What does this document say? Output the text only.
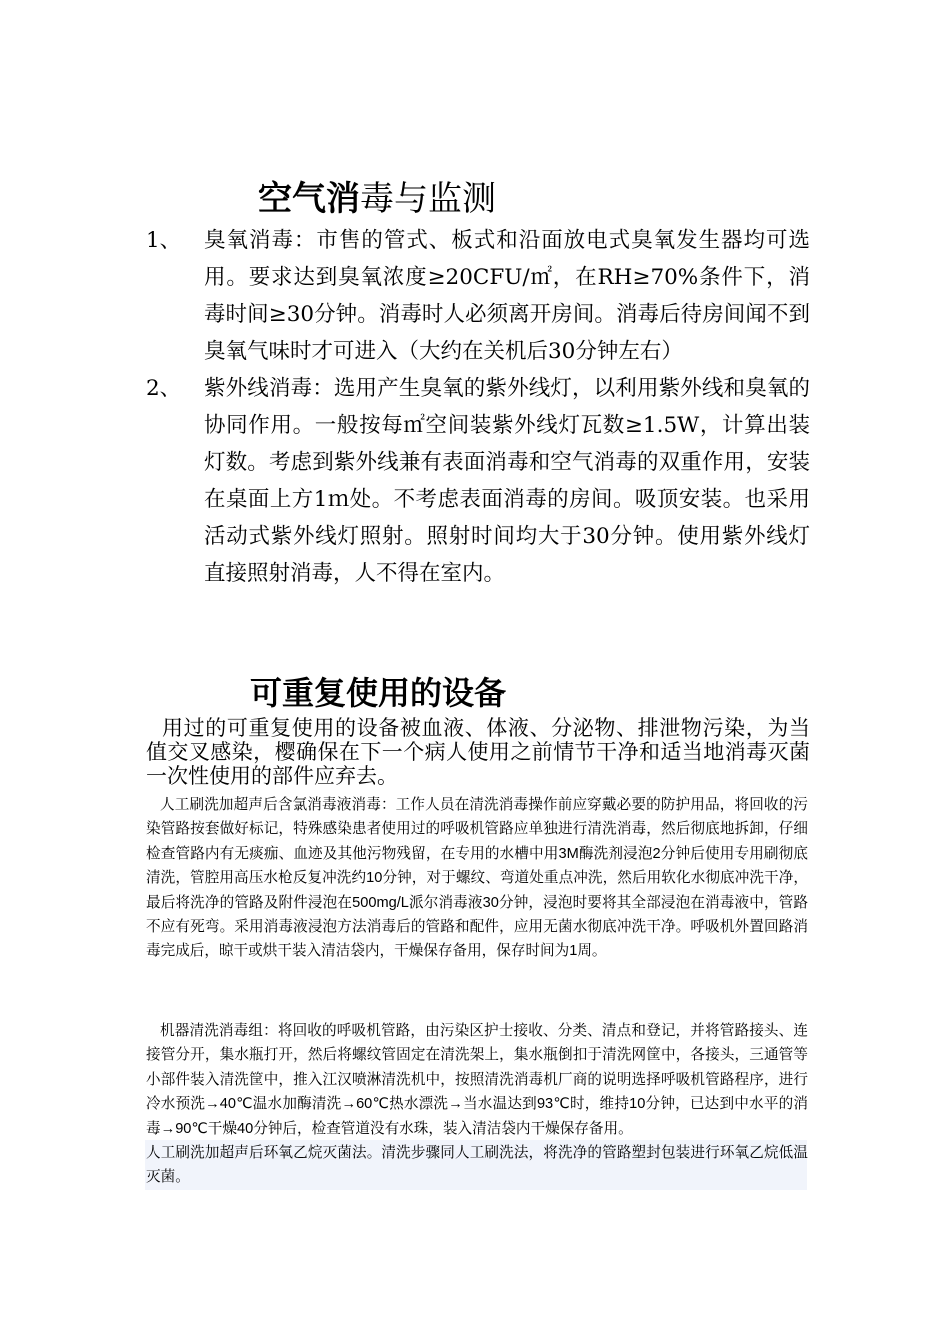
空气消毒与监测
1、 臭氧消毒：市售的管式、板式和沿面放电式臭氧发生器均可选用。要求达到臭氧浓度≥20CFU/㎡，在RH≥70%条件下，消毒时间≥30分钟。消毒时人必须离开房间。消毒后待房间闻不到臭氧气味时才可进入（大约在关机后30分钟左右）
2、 紫外线消毒：选用产生臭氧的紫外线灯，以利用紫外线和臭氧的协同作用。一般按每㎡空间装紫外线灯瓦数≥1.5W，计算出装灯数。考虑到紫外线兼有表面消毒和空气消毒的双重作用，安装在桌面上方1ｍ处。不考虑表面消毒的房间。吸顶安装。也采用活动式紫外线灯照射。照射时间均大于30分钟。使用紫外线灯直接照射消毒，人不得在室内。
可重复使用的设备
用过的可重复使用的设备被血液、体液、分泌物、排泄物污染，为当值交叉感染，樱确保在下一个病人使用之前情节干净和适当地消毒灭菌一次性使用的部件应弃去。
人工刷洗加超声后含氯消毒液消毒：工作人员在清洗消毒操作前应穿戴必要的防护用品，将回收的污染管路按套做好标记，特殊感染患者使用过的呼吸机管路应单独进行清洗消毒，然后彻底地拆卸，仔细检查管路内有无痰痂、血迹及其他污物残留，在专用的水槽中用3M酶洗剂浸泡2分钟后使用专用刷彻底清洗，管腔用高压水枪反复冲洗约10分钟，对于螺纹、弯道处重点冲洗，然后用软化水彻底冲洗干净，最后将洗净的管路及附件浸泡在500mg/L派尔消毒液30分钟，浸泡时要将其全部浸泡在消毒液中，管路不应有死弯。采用消毒液浸泡方法消毒后的管路和配件，应用无菌水彻底冲洗干净。呼吸机外置回路消毒完成后，晾干或烘干装入清洁袋内，干燥保存备用，保存时间为1周。
机器清洗消毒组：将回收的呼吸机管路，由污染区护士接收、分类、清点和登记，并将管路接头、连接管分开，集水瓶打开，然后将螺纹管固定在清洗架上，集水瓶倒扣于清洗网筐中，各接头，三通管等小部件装入清洗筐中，推入江汉喷淋清洗机中，按照清洗消毒机厂商的说明选择呼吸机管路程序，进行冷水预洗→40℃温水加酶清洗→60℃热水漂洗→当水温达到93℃时，维持10分钟，已达到中水平的消毒→90℃干燥40分钟后，检查管道没有水珠，装入清洁袋内干燥保存备用。
人工刷洗加超声后环氧乙烷灭菌法。清洗步骤同人工刷洗法，将洗净的管路塑封包装进行环氧乙烷低温灭菌。
